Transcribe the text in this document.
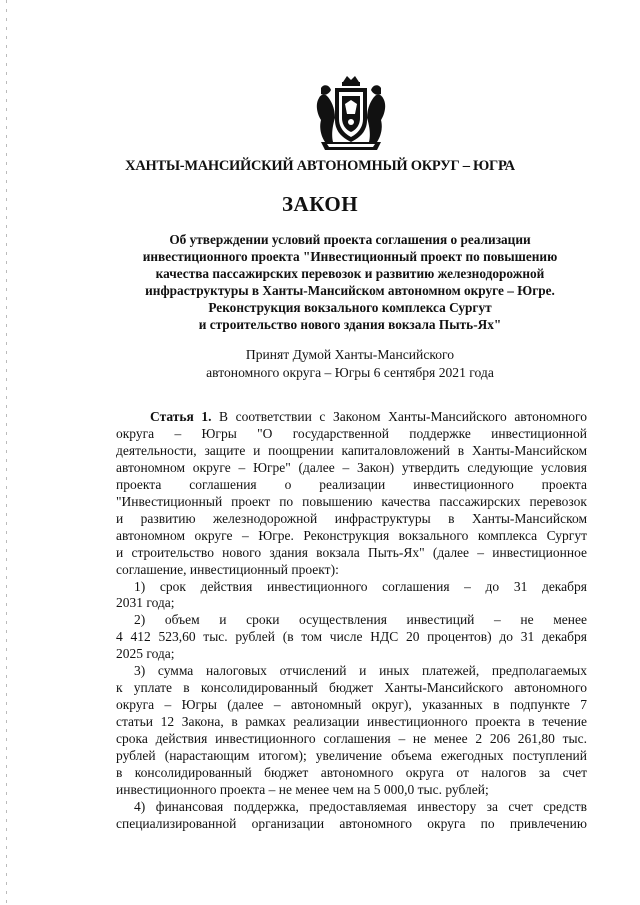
ХАНТЫ-МАНСИЙСКИЙ АВТОНОМНЫЙ ОКРУГ – ЮГРА
ЗАКОН
Об утверждении условий проекта соглашения о реализации
инвестиционного проекта "Инвестиционный проект по повышению
качества пассажирских перевозок и развитию железнодорожной
инфраструктуры в Ханты-Мансийском автономном округе – Югре.
Реконструкция вокзального комплекса Сургут
и строительство нового здания вокзала Пыть-Ях"
Принят Думой Ханты-Мансийского
автономного округа – Югры 6 сентября 2021 года
Статья 1. В соответствии с Законом Ханты-Мансийского автономного
округа – Югры "О государственной поддержке инвестиционной
деятельности, защите и поощрении капиталовложений в Ханты-Мансийском
автономном округе – Югре" (далее – Закон) утвердить следующие условия
проекта соглашения о реализации инвестиционного проекта
"Инвестиционный проект по повышению качества пассажирских перевозок
и развитию железнодорожной инфраструктуры в Ханты-Мансийском
автономном округе – Югре. Реконструкция вокзального комплекса Сургут
и строительство нового здания вокзала Пыть-Ях" (далее – инвестиционное
соглашение, инвестиционный проект):
1) срок действия инвестиционного соглашения – до 31 декабря
2031 года;
2) объем и сроки осуществления инвестиций – не менее
4 412 523,60 тыс. рублей (в том числе НДС 20 процентов) до 31 декабря
2025 года;
3) сумма налоговых отчислений и иных платежей, предполагаемых
к уплате в консолидированный бюджет Ханты-Мансийского автономного
округа – Югры (далее – автономный округ), указанных в подпункте 7
статьи 12 Закона, в рамках реализации инвестиционного проекта в течение
срока действия инвестиционного соглашения – не менее 2 206 261,80 тыс.
рублей (нарастающим итогом); увеличение объема ежегодных поступлений
в консолидированный бюджет автономного округа от налогов за счет
инвестиционного проекта – не менее чем на 5 000,0 тыс. рублей;
4) финансовая поддержка, предоставляемая инвестору за счет средств
специализированной организации автономного округа по привлечению
